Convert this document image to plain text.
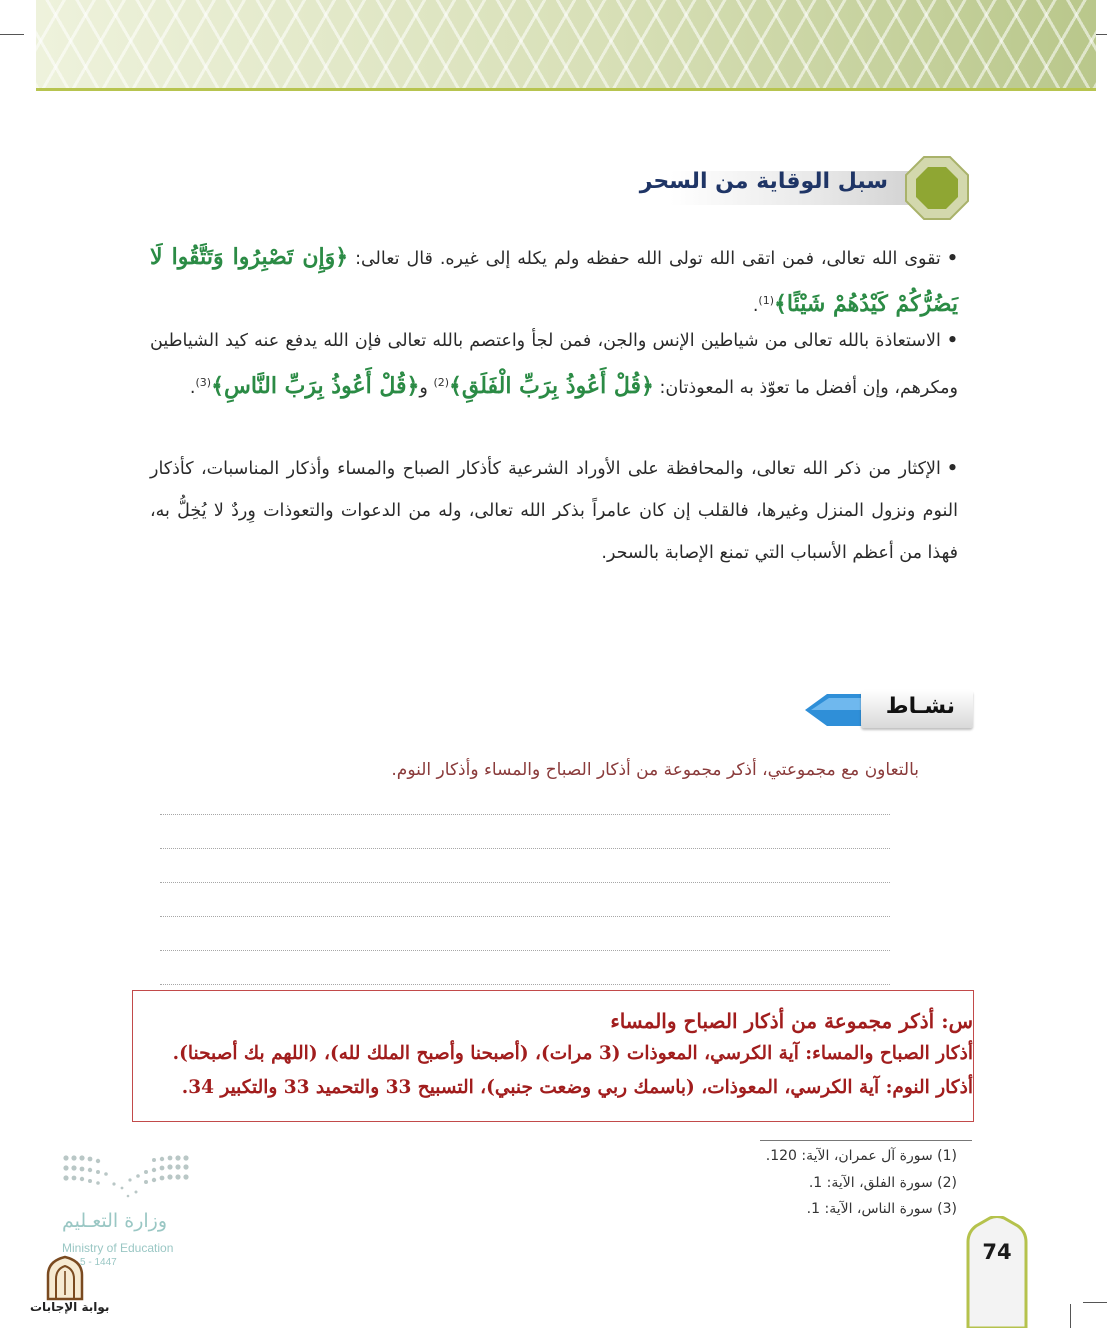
سبل الوقاية من السحر
•تقوى الله تعالى، فمن اتقى الله تولى الله حفظه ولم يكله إلى غيره. قال تعالى: ﴿وَإِن تَصْبِرُوا وَتَتَّقُوا لَا يَضُرُّكُمْ كَيْدُهُمْ شَيْئًا﴾$^{(1)}$.
•الاستعاذة بالله تعالى من شياطين الإنس والجن، فمن لجأ واعتصم بالله تعالى فإن الله يدفع عنه كيد الشياطين ومكرهم، وإن أفضل ما تعوّذ به المعوذتان: ﴿قُلْ أَعُوذُ بِرَبِّ الْفَلَقِ﴾$^{(2)}$ و﴿قُلْ أَعُوذُ بِرَبِّ النَّاسِ﴾$^{(3)}$.
•الإكثار من ذكر الله تعالى، والمحافظة على الأوراد الشرعية كأذكار الصباح والمساء وأذكار المناسبات، كأذكار النوم ونزول المنزل وغيرها، فالقلب إن كان عامراً بذكر الله تعالى، وله من الدعوات والتعوذات وِردٌ لا يُخِلُّ به، فهذا من أعظم الأسباب التي تمنع الإصابة بالسحر.
نشـاط
بالتعاون مع مجموعتي، أذكر مجموعة من أذكار الصباح والمساء وأذكار النوم.
س: أذكر مجموعة من أذكار الصباح والمساء
أذكار الصباح والمساء: آية الكرسي، المعوذات (3 مرات)، (أصبحنا وأصبح الملك لله)، (اللهم بك أصبحنا).
أذكار النوم: آية الكرسي، المعوذات، (باسمك ربي وضعت جنبي)، التسبيح 33 والتحميد 33 والتكبير 34.
(1) سورة آل عمران، الآية: 120.
(2) سورة الفلق، الآية: 1.
(3) سورة الناس، الآية: 1.
74
وزارة التعـليم
Ministry of Education
5 - 1447
بوابة الإجابات
